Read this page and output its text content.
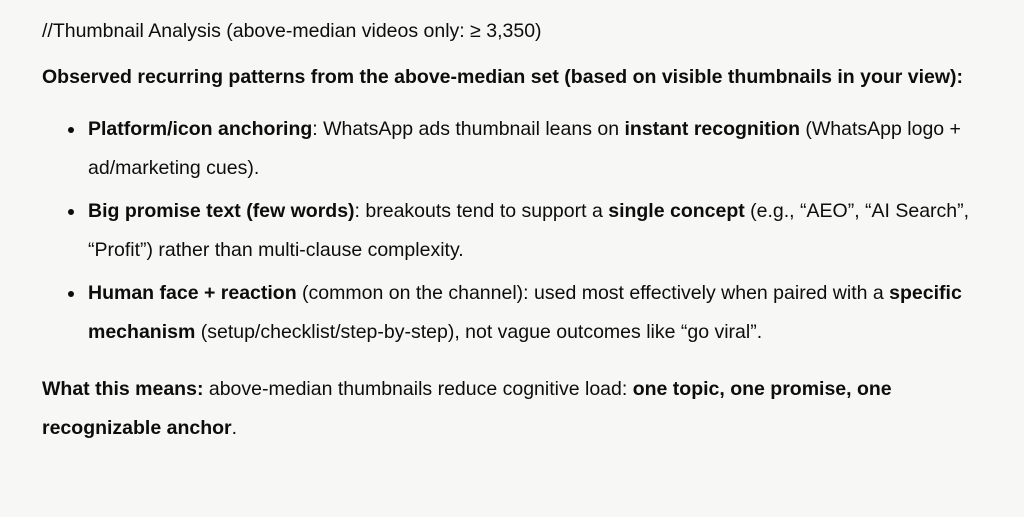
//Thumbnail Analysis (above-median videos only: ≥ 3,350)

Observed recurring patterns from the above-median set (based on visible thumbnails in your view):

Platform/icon anchoring: WhatsApp ads thumbnail leans on instant recognition (WhatsApp logo + ad/marketing cues).
Big promise text (few words): breakouts tend to support a single concept (e.g., “AEO”, “AI Search”, “Profit”) rather than multi-clause complexity.
Human face + reaction (common on the channel): used most effectively when paired with a specific mechanism (setup/checklist/step-by-step), not vague outcomes like “go viral”.

What this means: above-median thumbnails reduce cognitive load: one topic, one promise, one recognizable anchor.
